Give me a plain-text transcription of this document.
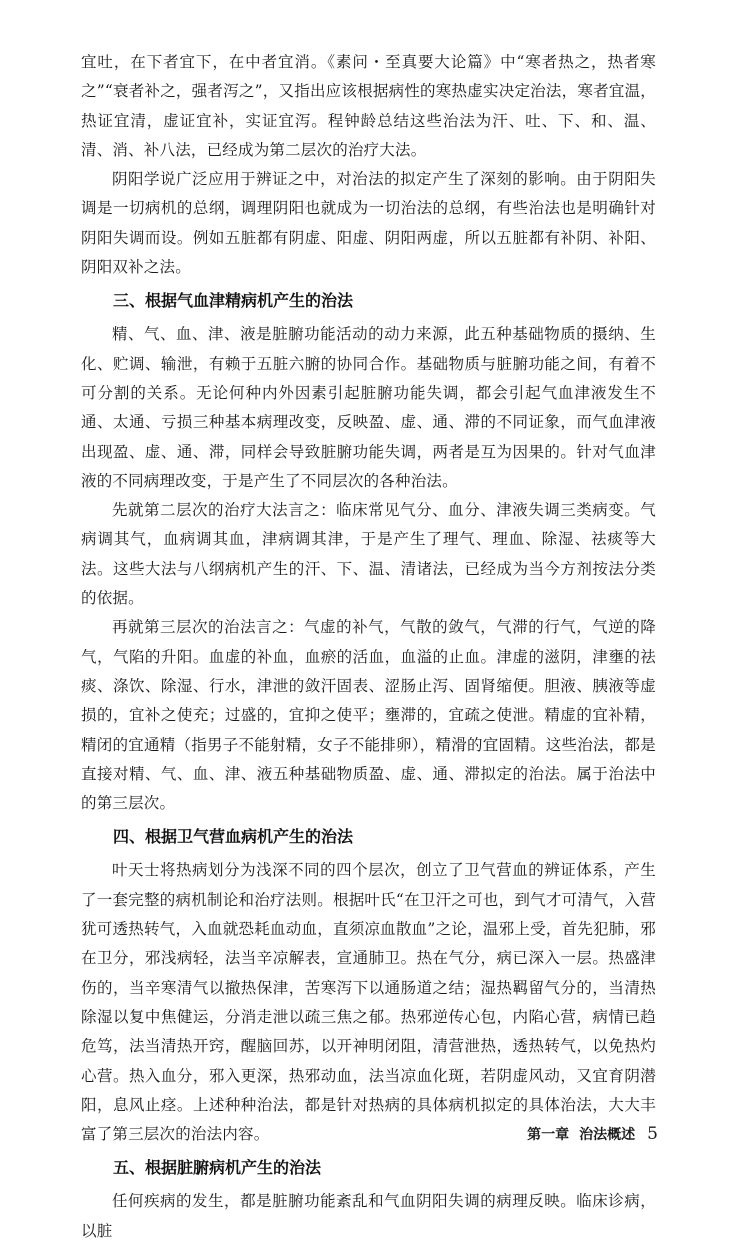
宜吐，在下者宜下，在中者宜消。《素问・至真要大论篇》中“寒者热之，热者寒之”“衰者补之，强者泻之”，又指出应该根据病性的寒热虚实决定治法，寒者宜温，热证宜清，虚证宜补，实证宜泻。程钟龄总结这些治法为汗、吐、下、和、温、清、消、补八法，已经成为第二层次的治疗大法。

阴阳学说广泛应用于辨证之中，对治法的拟定产生了深刻的影响。由于阴阳失调是一切病机的总纲，调理阴阳也就成为一切治法的总纲，有些治法也是明确针对阴阳失调而设。例如五脏都有阴虚、阳虚、阴阳两虚，所以五脏都有补阴、补阳、阴阳双补之法。

三、根据气血津精病机产生的治法

精、气、血、津、液是脏腑功能活动的动力来源，此五种基础物质的摄纳、生化、贮调、输泄，有赖于五脏六腑的协同合作。基础物质与脏腑功能之间，有着不可分割的关系。无论何种内外因素引起脏腑功能失调，都会引起气血津液发生不通、太通、亏损三种基本病理改变，反映盈、虚、通、滞的不同证象，而气血津液出现盈、虚、通、滞，同样会导致脏腑功能失调，两者是互为因果的。针对气血津液的不同病理改变，于是产生了不同层次的各种治法。

先就第二层次的治疗大法言之：临床常见气分、血分、津液失调三类病变。气病调其气，血病调其血，津病调其津，于是产生了理气、理血、除湿、祛痰等大法。这些大法与八纲病机产生的汗、下、温、清诸法，已经成为当今方剂按法分类的依据。

再就第三层次的治法言之：气虚的补气，气散的敛气，气滞的行气，气逆的降气，气陷的升阳。血虚的补血，血瘀的活血，血溢的止血。津虚的滋阴，津壅的祛痰、涤饮、除湿、行水，津泄的敛汗固表、涩肠止泻、固肾缩便。胆液、胰液等虚损的，宜补之使充；过盛的，宜抑之使平；壅滞的，宜疏之使泄。精虚的宜补精，精闭的宜通精（指男子不能射精，女子不能排卵），精滑的宜固精。这些治法，都是直接对精、气、血、津、液五种基础物质盈、虚、通、滞拟定的治法。属于治法中的第三层次。

四、根据卫气营血病机产生的治法

叶天士将热病划分为浅深不同的四个层次，创立了卫气营血的辨证体系，产生了一套完整的病机制论和治疗法则。根据叶氏“在卫汗之可也，到气才可清气，入营犹可透热转气，入血就恐耗血动血，直须凉血散血”之论，温邪上受，首先犯肺，邪在卫分，邪浅病轻，法当辛凉解表，宣通肺卫。热在气分，病已深入一层。热盛津伤的，当辛寒清气以撤热保津，苦寒泻下以通肠道之结；湿热羁留气分的，当清热除湿以复中焦健运，分消走泄以疏三焦之郁。热邪逆传心包，内陷心营，病情已趋危笃，法当清热开窍，醒脑回苏，以开神明闭阻，清营泄热，透热转气，以免热灼心营。热入血分，邪入更深，热邪动血，法当凉血化斑，若阴虚风动，又宜育阴潜阳，息风止痉。上述种种治法，都是针对热病的具体病机拟定的具体治法，大大丰富了第三层次的治法内容。

五、根据脏腑病机产生的治法

任何疾病的发生，都是脏腑功能紊乱和气血阴阳失调的病理反映。临床诊病，以脏

第一章 治法概述 5
